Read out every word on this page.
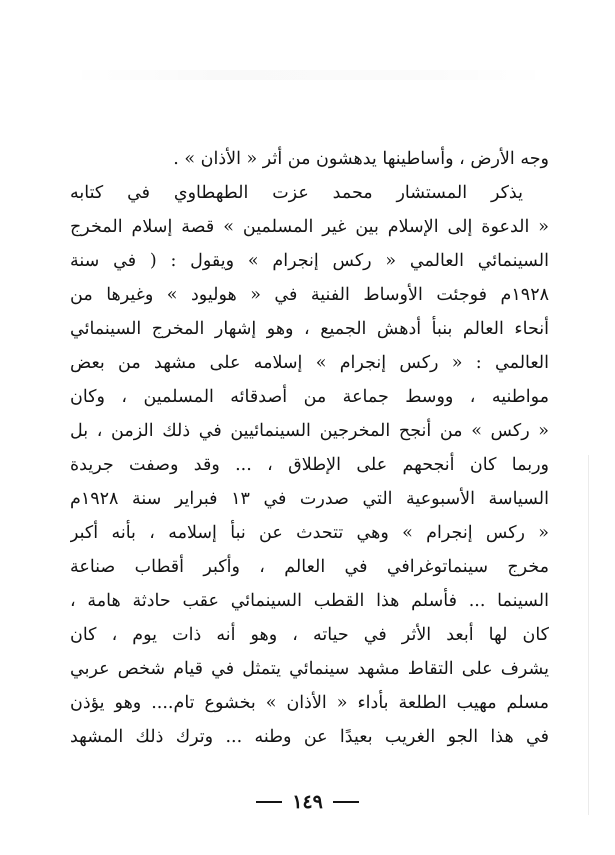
وجه الأرض ، وأساطينها يدهشون من أثر « الأذان » .
يذكر المستشار محمد عزت الطهطاوي في كتابه
« الدعوة إلى الإسلام بين غير المسلمين » قصة إسلام المخرج
السينمائي العالمي « ركس إنجرام » ويقول : ( في سنة
١٩٢٨م فوجئت الأوساط الفنية في « هوليود » وغيرها من
أنحاء العالم بنبأ أدهش الجميع ، وهو إشهار المخرج السينمائي
العالمي : « ركس إنجرام » إسلامه على مشهد من بعض
مواطنيه ، ووسط جماعة من أصدقائه المسلمين ، وكان
« ركس » من أنجح المخرجين السينمائيين في ذلك الزمن ، بل
وربما كان أنجحهم على الإطلاق ، ... وقد وصفت جريدة
السياسة الأسبوعية التي صدرت في ١٣ فبراير سنة ١٩٢٨م
« ركس إنجرام » وهي تتحدث عن نبأ إسلامه ، بأنه أكبر
مخرج سينماتوغرافي في العالم ، وأكبر أقطاب صناعة
السينما ... فأسلم هذا القطب السينمائي عقب حادثة هامة ،
كان لها أبعد الأثر في حياته ، وهو أنه ذات يوم ، كان
يشرف على التقاط مشهد سينمائي يتمثل في قيام شخص عربي
مسلم مهيب الطلعة بأداء « الأذان » بخشوع تام.... وهو يؤذن
في هذا الجو الغريب بعيدًا عن وطنه ... وترك ذلك المشهد
١٤٩
